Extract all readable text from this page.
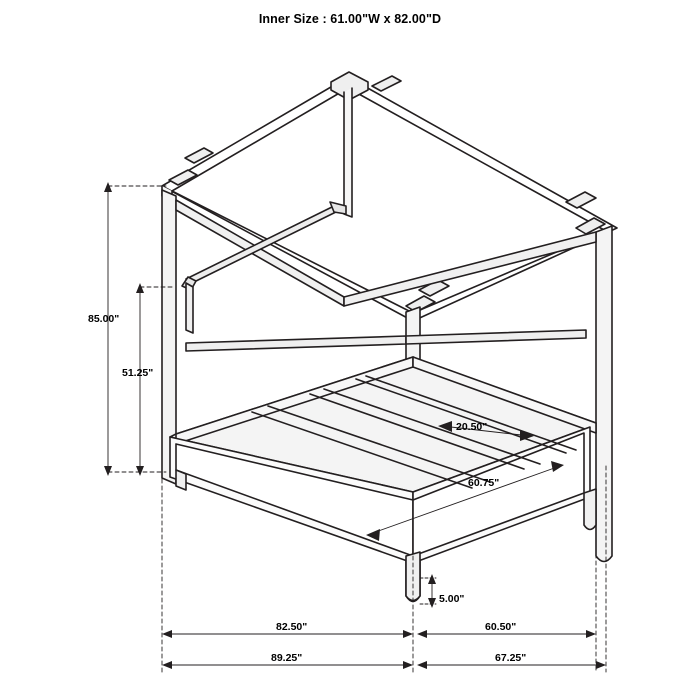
Inner Size : 61.00"W x 82.00"D
85.00"
51.25"
20.50"
60.75"
5.00"
82.50"	60.50"
89.25"	67.25"
